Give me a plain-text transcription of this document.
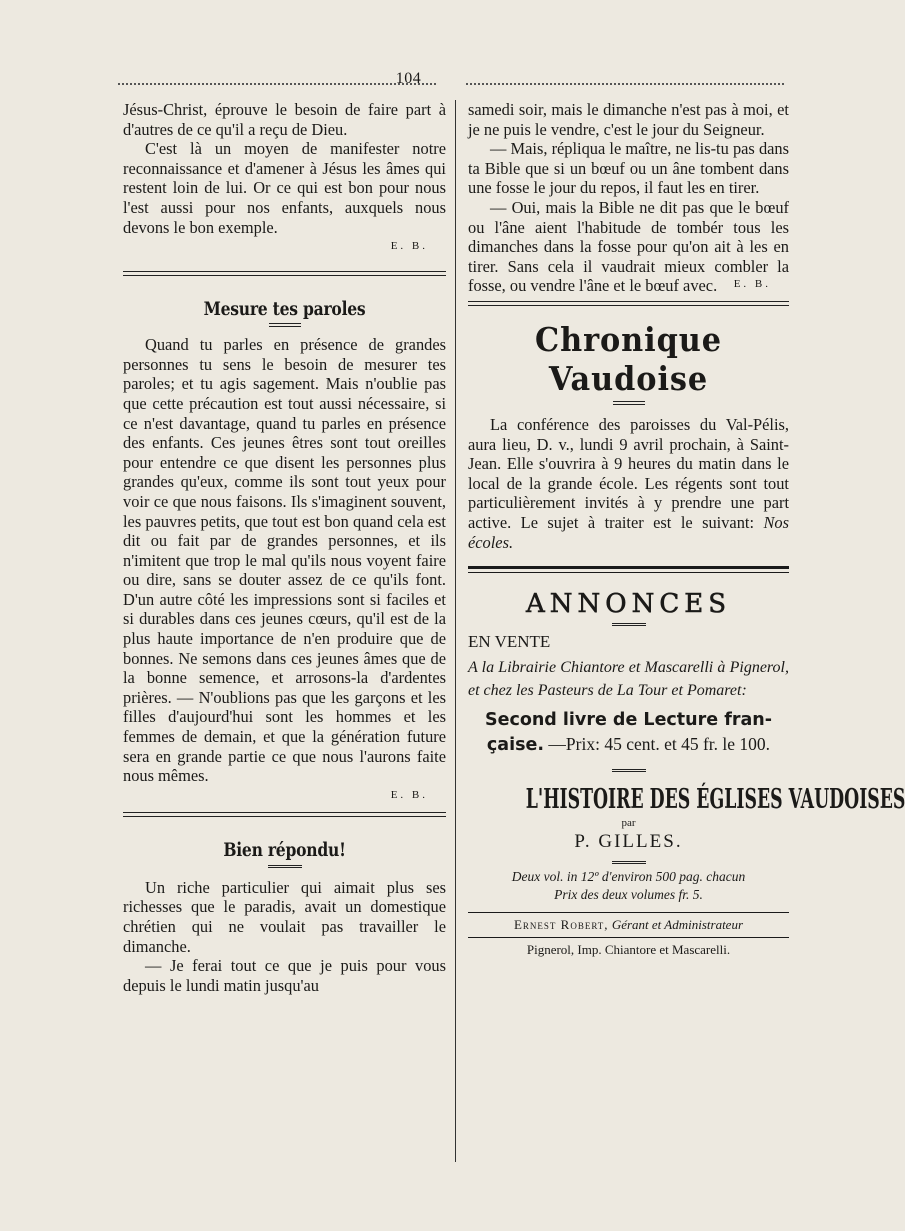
104

Jésus-Christ, éprouve le besoin de faire part à d'autres de ce qu'il a reçu de Dieu.

C'est là un moyen de manifester notre reconnaissance et d'amener à Jésus les âmes qui restent loin de lui. Or ce qui est bon pour nous l'est aussi pour nos enfants, auxquels nous devons le bon exemple.

E. B.

Mesure tes paroles

Quand tu parles en présence de grandes personnes tu sens le besoin de mesurer tes paroles; et tu agis sagement. Mais n'oublie pas que cette précaution est tout aussi nécessaire, si ce n'est davantage, quand tu parles en présence des enfants. Ces jeunes êtres sont tout oreilles pour entendre ce que disent les personnes plus grandes qu'eux, comme ils sont tout yeux pour voir ce que nous faisons. Ils s'imaginent souvent, les pauvres petits, que tout est bon quand cela est dit ou fait par de grandes personnes, et ils n'imitent que trop le mal qu'ils nous voyent faire ou dire, sans se douter assez de ce qu'ils font. D'un autre côté les impressions sont si faciles et si durables dans ces jeunes cœurs, qu'il est de la plus haute importance de n'en produire que de bonnes. Ne semons dans ces jeunes âmes que de la bonne semence, et arrosons-la d'ardentes prières. — N'oublions pas que les garçons et les filles d'aujourd'hui sont les hommes et les femmes de demain, et que la génération future sera en grande partie ce que nous l'aurons faite nous mêmes.

E. B.

Bien répondu!

Un riche particulier qui aimait plus ses richesses que le paradis, avait un domestique chrétien qui ne voulait pas travailler le dimanche.

— Je ferai tout ce que je puis pour vous depuis le lundi matin jusqu'au

samedi soir, mais le dimanche n'est pas à moi, et je ne puis le vendre, c'est le jour du Seigneur.

— Mais, répliqua le maître, ne lis-tu pas dans ta Bible que si un bœuf ou un âne tombent dans une fosse le jour du repos, il faut les en tirer.

— Oui, mais la Bible ne dit pas que le bœuf ou l'âne aient l'habitude de tombér tous les dimanches dans la fosse pour qu'on ait à les en tirer. Sans cela il vaudrait mieux combler la fosse, ou vendre l'âne et le bœuf avec.	E. B.

Chronique Vaudoise

La conférence des paroisses du Val-Pélis, aura lieu, D. v., lundi 9 avril prochain, à Saint-Jean. Elle s'ouvrira à 9 heures du matin dans le local de la grande école. Les régents sont tout particulièrement invités à y prendre une part active. Le sujet à traiter est le suivant: Nos écoles.

ANNONCES

EN VENTE

A la Librairie Chiantore et Mascarelli à Pignerol, et chez les Pasteurs de La Tour et Pomaret:

Second livre de Lecture fran-

çaise. —Prix: 45 cent. et 45 fr. le 100.

L'HISTOIRE DES ÉGLISES VAUDOISES

par

P. GILLES.

Deux vol. in 12º d'environ 500 pag. chacun

Prix des deux volumes fr. 5.

Ernest Robert, Gérant et Administrateur

Pignerol, Imp. Chiantore et Mascarelli.
